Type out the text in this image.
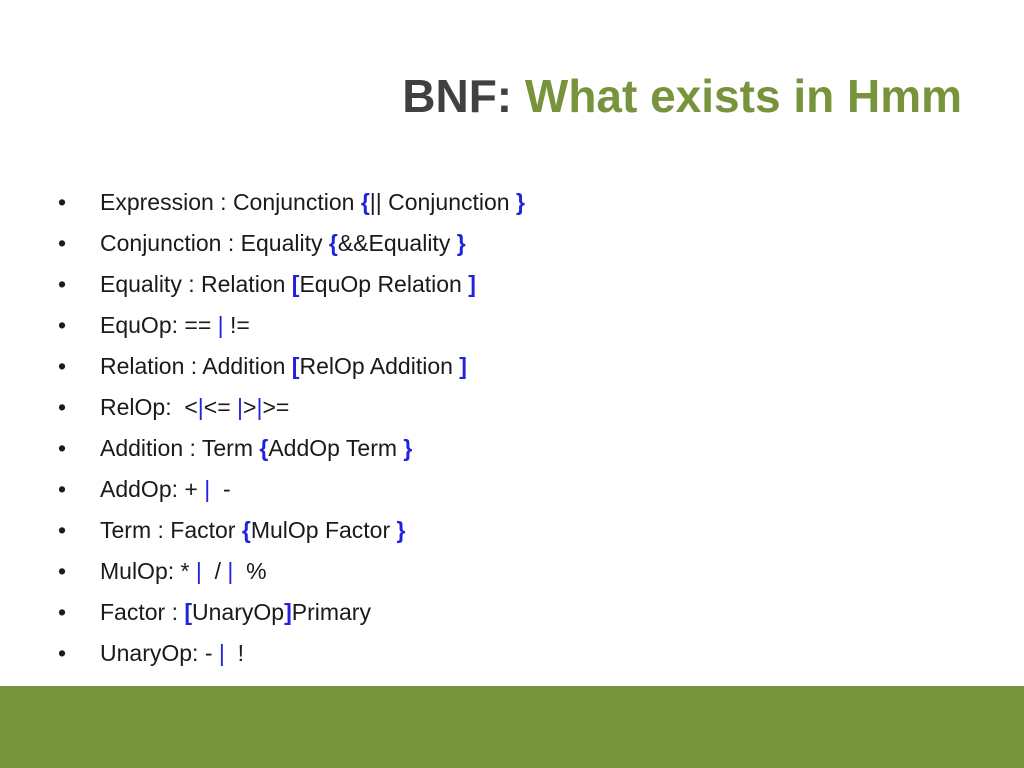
BNF: What exists in Hmm
• Expression : Conjunction {|| Conjunction }
• Conjunction : Equality {&&Equality }
• Equality : Relation [EquOp Relation ]
• EquOp: == | !=
• Relation : Addition [RelOp Addition ]
• RelOp:  <|<= |>|>=
• Addition : Term {AddOp Term }
• AddOp: + |  -
• Term : Factor {MulOp Factor }
• MulOp: * |  / |  %
• Factor : [UnaryOp]Primary
• UnaryOp: - |  !
